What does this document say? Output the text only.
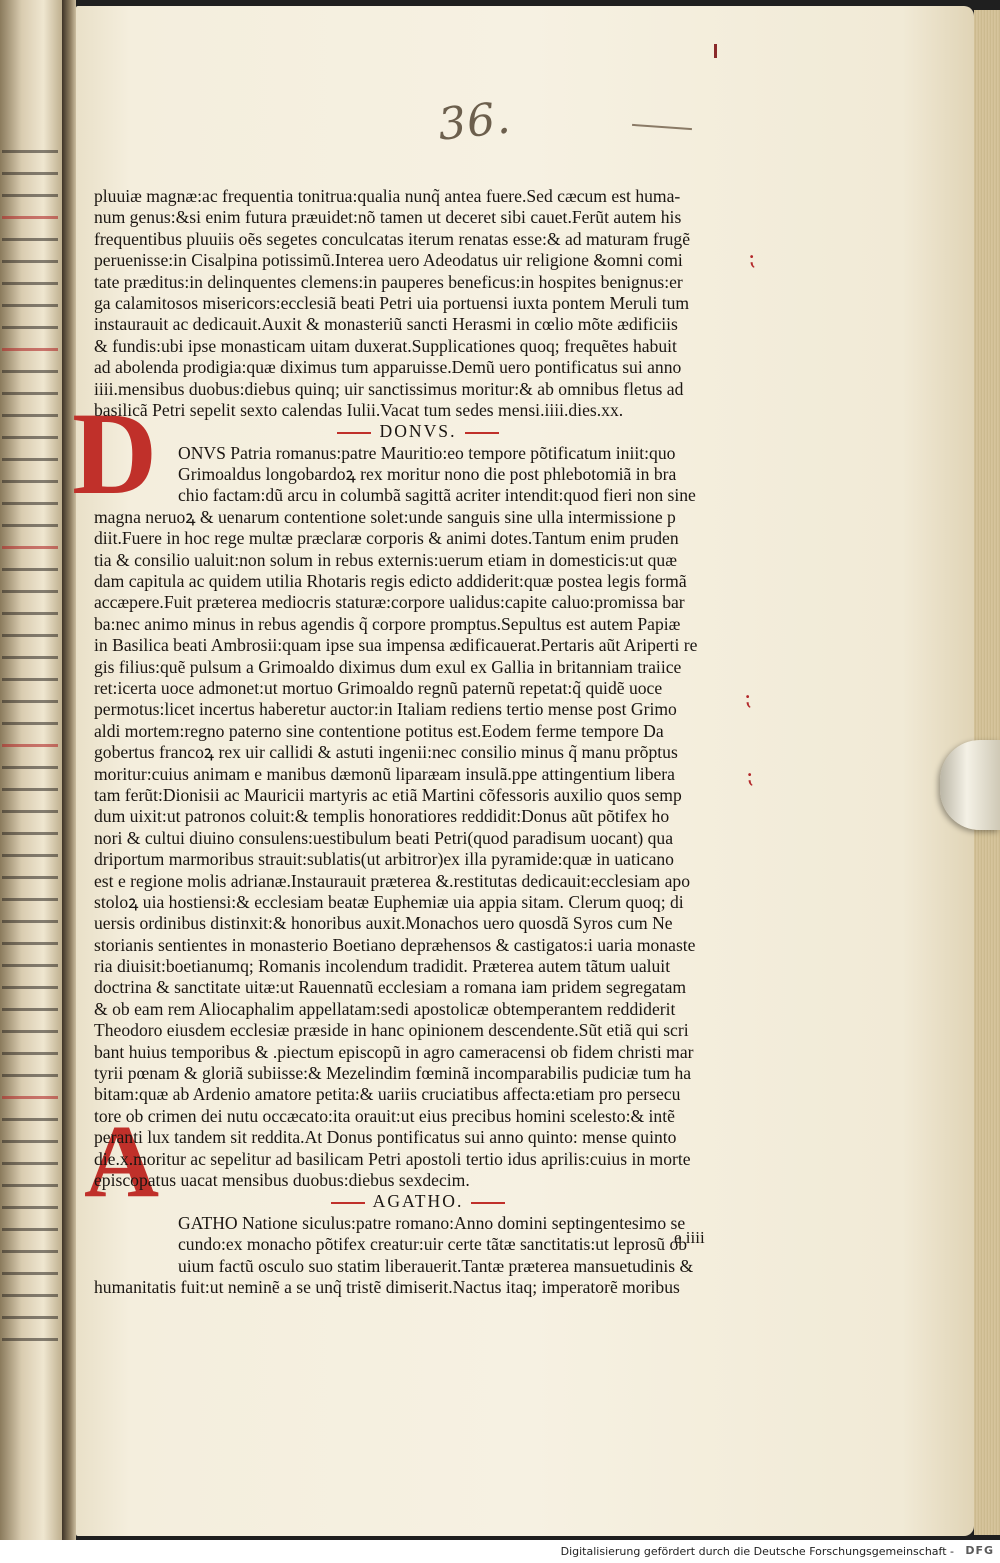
36.
D
A
⁏
⁏
⁏
pluuiæ magnæ:ac frequentia tonitrua:qualia nunq̃ antea fuere.Sed cæcum est huma-
num genus:&si enim futura præuidet:nõ tamen ut deceret sibi cauet.Ferũt autem his
frequentibus pluuiis oẽs segetes conculcatas iterum renatas esse:& ad maturam frugẽ
peruenisse:in Cisalpina potissimũ.Interea uero Adeodatus uir religione &omni comi
tate præditus:in delinquentes clemens:in pauperes beneficus:in hospites benignus:er
ga calamitosos misericors:ecclesiã beati Petri uia portuensi iuxta pontem Meruli tum
instaurauit ac dedicauit.Auxit & monasteriũ sancti Herasmi in cœlio mõte ædificiis
& fundis:ubi ipse monasticam uitam duxerat.Supplicationes quoq; frequẽtes habuit
ad abolenda prodigia:quæ diximus tum apparuisse.Demũ uero pontificatus sui anno
iiii.mensibus duobus:diebus quinq; uir sanctissimus moritur:& ab omnibus fletus ad
basilicã Petri sepelit sexto calendas Iulii.Vacat tum sedes mensi.iiii.dies.xx.
DONVS.
ONVS Patria romanus:patre Mauritio:eo tempore põtificatum iniit:quo
Grimoaldus longobardoꝝ rex moritur nono die post phlebotomiã in bra
chio factam:dũ arcu in columbã sagittã acriter intendit:quod fieri non sine
magna neruoꝝ & uenarum contentione solet:unde sanguis sine ulla intermissione p
diit.Fuere in hoc rege multæ præclaræ corporis & animi dotes.Tantum enim pruden
tia & consilio ualuit:non solum in rebus externis:uerum etiam in domesticis:ut quæ
dam capitula ac quidem utilia Rhotaris regis edicto addiderit:quæ postea legis formã
accæpere.Fuit præterea mediocris staturæ:corpore ualidus:capite caluo:promissa bar
ba:nec animo minus in rebus agendis q̃ corpore promptus.Sepultus est autem Papiæ
in Basilica beati Ambrosii:quam ipse sua impensa ædificauerat.Pertaris aũt Ariperti re
gis filius:quẽ pulsum a Grimoaldo diximus dum exul ex Gallia in britanniam traiice
ret:icerta uoce admonet:ut mortuo Grimoaldo regnũ paternũ repetat:q̃ quidẽ uoce
permotus:licet incertus haberetur auctor:in Italiam rediens tertio mense post Grimo
aldi mortem:regno paterno sine contentione potitus est.Eodem ferme tempore Da
gobertus francoꝝ rex uir callidi & astuti ingenii:nec consilio minus q̃ manu prõptus
moritur:cuius animam e manibus dæmonũ liparæam insulã.ppe attingentium libera
tam ferũt:Dionisii ac Mauricii martyris ac etiã Martini cõfessoris auxilio quos semp
dum uixit:ut patronos coluit:& templis honoratiores reddidit:Donus aũt põtifex ho
nori & cultui diuino consulens:uestibulum beati Petri(quod paradisum uocant) qua
driportum marmoribus strauit:sublatis(ut arbitror)ex illa pyramide:quæ in uaticano
est e regione molis adrianæ.Instaurauit præterea &.restitutas dedicauit:ecclesiam apo
stoloꝝ uia hostiensi:& ecclesiam beatæ Euphemiæ uia appia sitam. Clerum quoq; di
uersis ordinibus distinxit:& honoribus auxit.Monachos uero quosdã Syros cum Ne
storianis sentientes in monasterio Boetiano depræhensos & castigatos:i uaria monaste
ria diuisit:boetianumq; Romanis incolendum tradidit. Præterea autem tãtum ualuit
doctrina & sanctitate uitæ:ut Rauennatũ ecclesiam a romana iam pridem segregatam
& ob eam rem Aliocaphalim appellatam:sedi apostolicæ obtemperantem reddiderit
Theodoro eiusdem ecclesiæ præside in hanc opinionem descendente.Sũt etiã qui scri
bant huius temporibus & .piectum episcopũ in agro cameracensi ob fidem christi mar
tyrii pœnam & gloriã subiisse:& Mezelindim fœminã incomparabilis pudiciæ tum ha
bitam:quæ ab Ardenio amatore petita:& uariis cruciatibus affecta:etiam pro persecu
tore ob crimen dei nutu occæcato:ita orauit:ut eius precibus homini scelesto:& intẽ
peranti lux tandem sit reddita.At Donus pontificatus sui anno quinto: mense quinto
die.x.moritur ac sepelitur ad basilicam Petri apostoli tertio idus aprilis:cuius in morte
episcopatus uacat mensibus duobus:diebus sexdecim.
AGATHO.
GATHO Natione siculus:patre romano:Anno domini septingentesimo se
cundo:ex monacho põtifex creatur:uir certe tãtæ sanctitatis:ut leprosũ ob
uium factũ osculo suo statim liberauerit.Tantæ præterea mansuetudinis &
humanitatis fuit:ut neminẽ a se unq̃ tristẽ dimiserit.Nactus itaq; imperatorẽ moribus
e iiii
Digitalisierung gefördert durch die Deutsche Forschungsgemeinschaft - DFG
